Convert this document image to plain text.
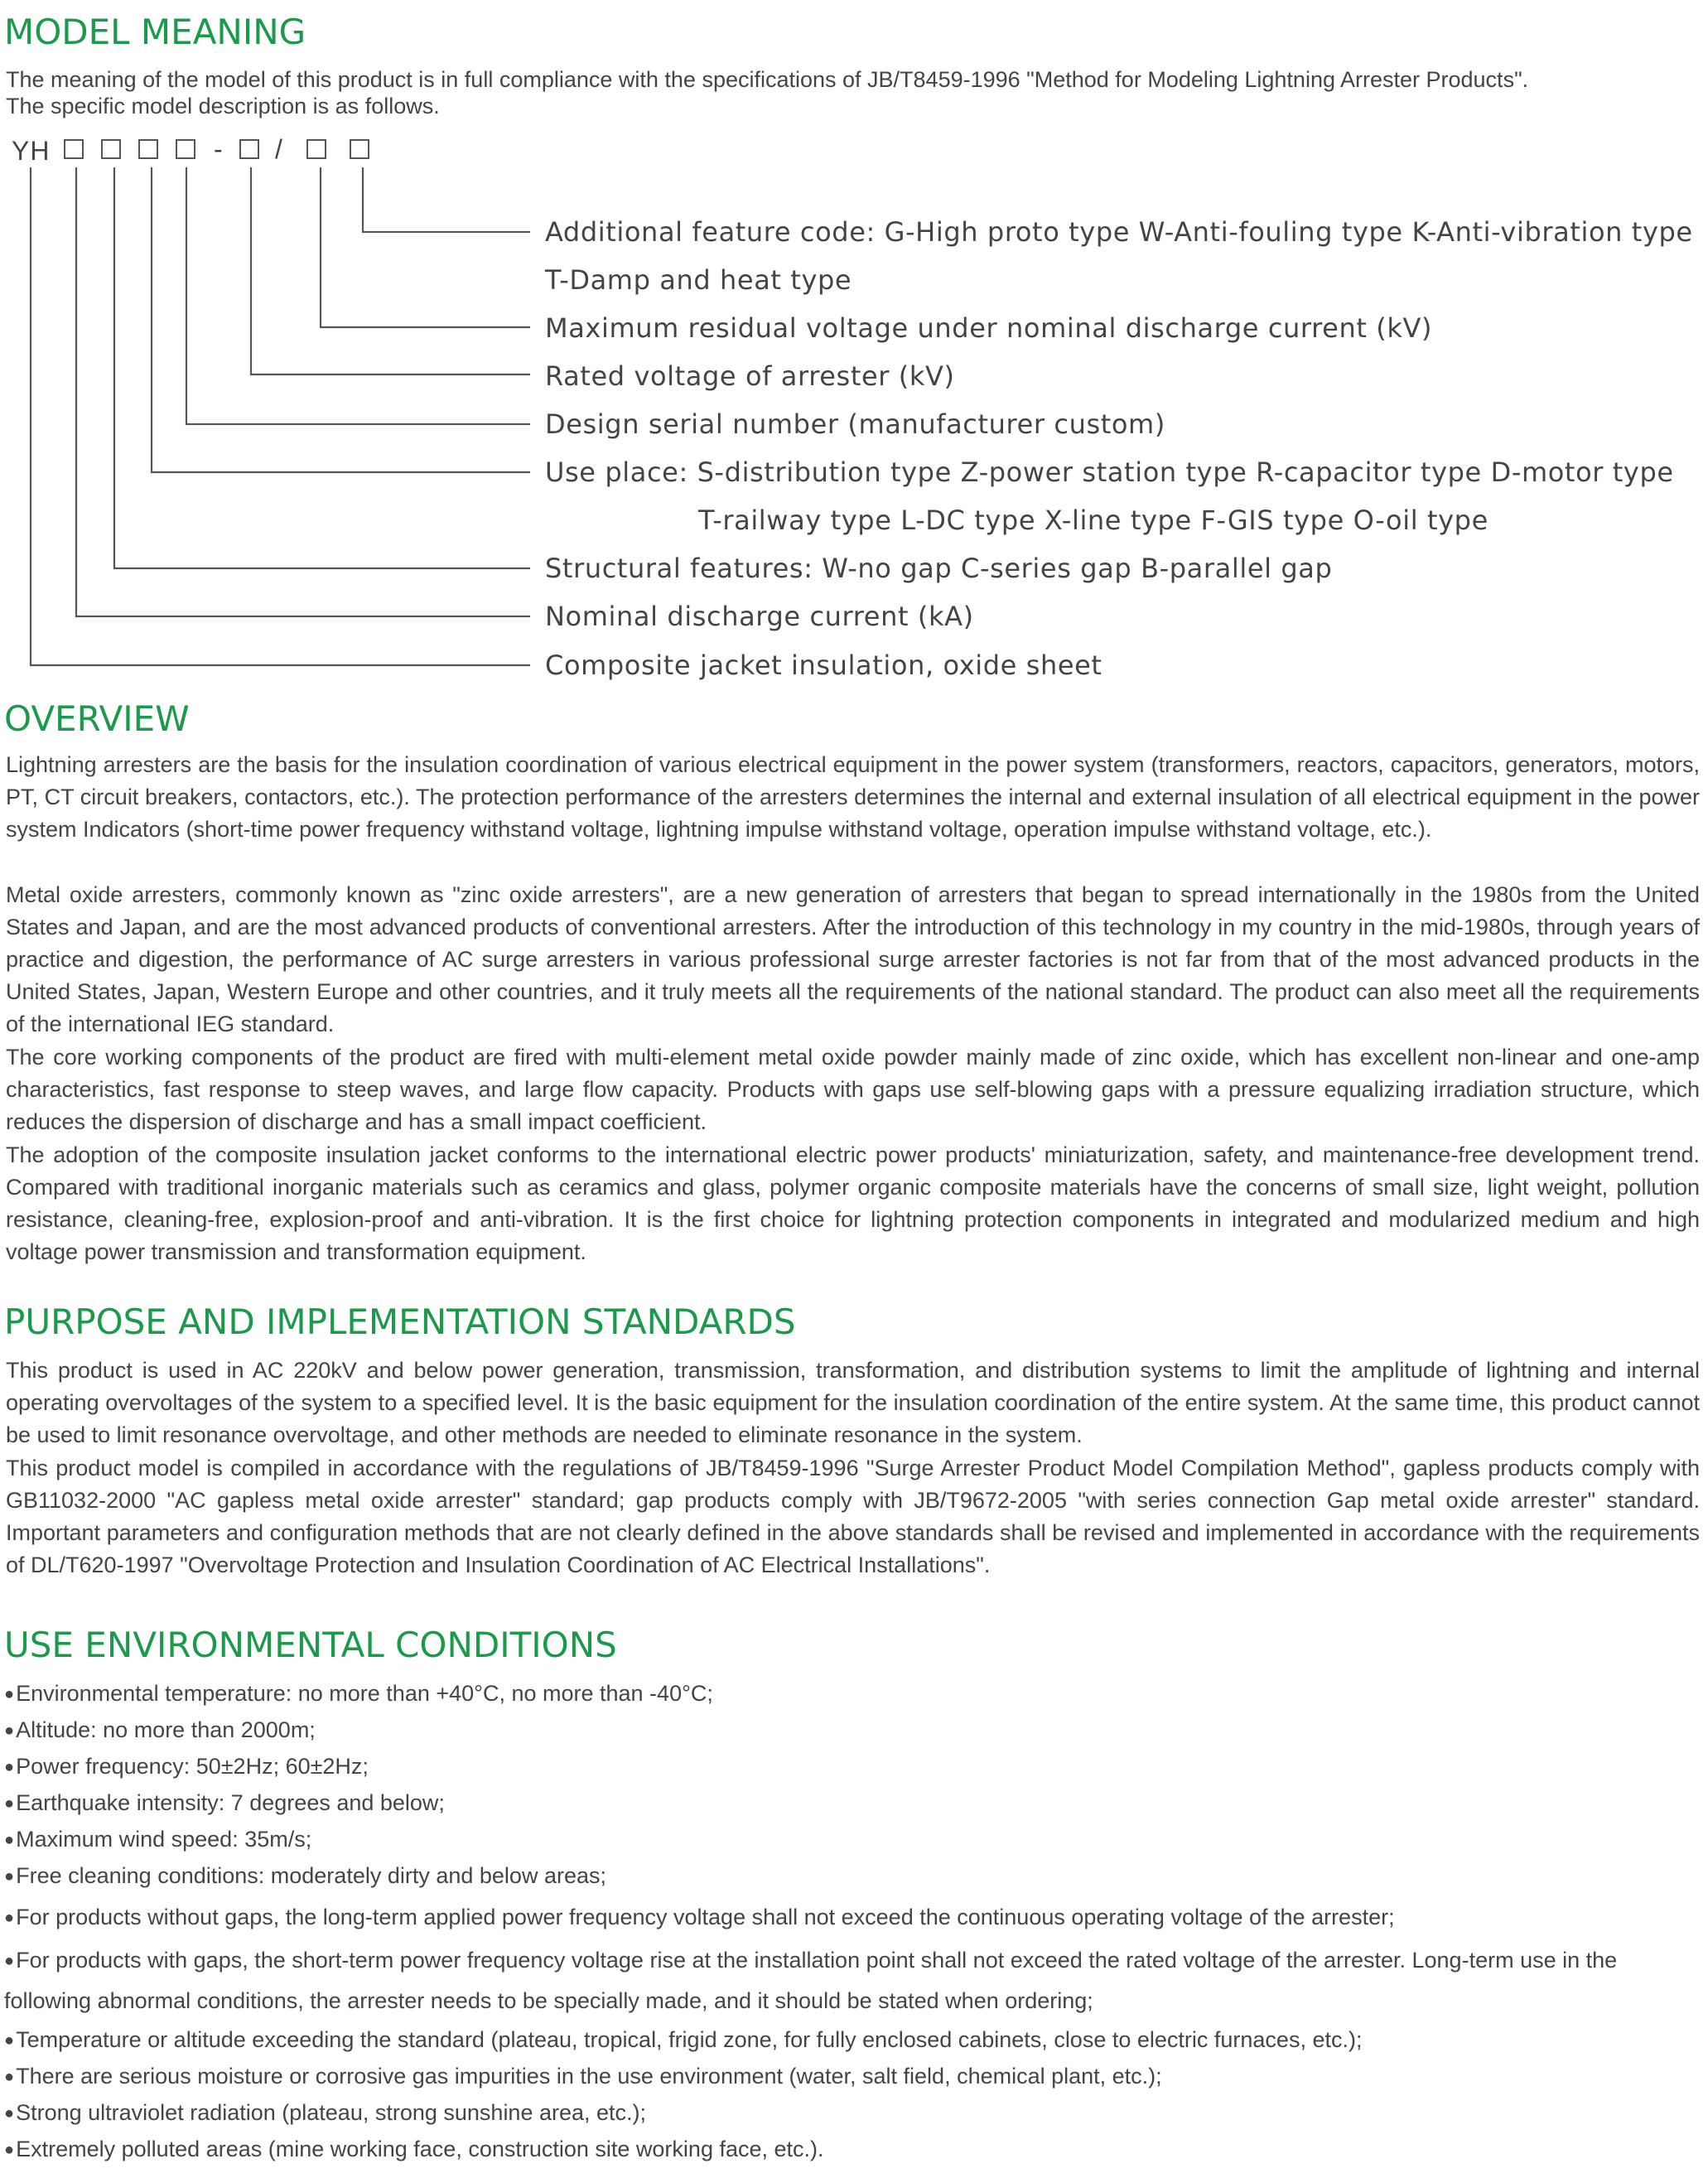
MODEL MEANING
The meaning of the model of this product is in full compliance with the specifications of JB/T8459-1996 "Method for Modeling Lightning Arrester Products".
The specific model description is as follows.
YH	- /

Additional feature code: G-High proto type W-Anti-fouling type K-Anti-vibration type

T-Damp and heat type

Maximum residual voltage under nominal discharge current (kV)

Rated voltage of arrester (kV)

Design serial number (manufacturer custom)

Use place: S-distribution type Z-power station type R-capacitor type D-motor type

T-railway type L-DC type X-line type F-GIS type O-oil type

Structural features: W-no gap C-series gap B-parallel gap

Nominal discharge current (kA)

Composite jacket insulation, oxide sheet

OVERVIEW

Lightning arresters are the basis for the insulation coordination of various electrical equipment in the power system (transformers, reactors, capacitors, generators, motors, PT, CT circuit breakers, contactors, etc.). The protection performance of the arresters determines the internal and external insulation of all electrical equipment in the power system Indicators (short-time power frequency withstand voltage, lightning impulse withstand voltage, operation impulse withstand voltage, etc.).

Metal oxide arresters, commonly known as "zinc oxide arresters", are a new generation of arresters that began to spread internationally in the 1980s from the United States and Japan, and are the most advanced products of conventional arresters. After the introduction of this technology in my country in the mid-1980s, through years of practice and digestion, the performance of AC surge arresters in various professional surge arrester factories is not far from that of the most advanced products in the United States, Japan, Western Europe and other countries, and it truly meets all the requirements of the national standard. The product can also meet all the requirements of the international IEG standard.

The core working components of the product are fired with multi-element metal oxide powder mainly made of zinc oxide, which has excellent non-linear and one-amp characteristics, fast response to steep waves, and large flow capacity. Products with gaps use self-blowing gaps with a pressure equalizing irradiation structure, which reduces the dispersion of discharge and has a small impact coefficient.

The adoption of the composite insulation jacket conforms to the international electric power products' miniaturization, safety, and maintenance-free development trend. Compared with traditional inorganic materials such as ceramics and glass, polymer organic composite materials have the concerns of small size, light weight, pollution resistance, cleaning-free, explosion-proof and anti-vibration. It is the first choice for lightning protection components in integrated and modularized medium and high voltage power transmission and transformation equipment.

PURPOSE AND IMPLEMENTATION STANDARDS

This product is used in AC 220kV and below power generation, transmission, transformation, and distribution systems to limit the amplitude of lightning and internal operating overvoltages of the system to a specified level. It is the basic equipment for the insulation coordination of the entire system. At the same time, this product cannot be used to limit resonance overvoltage, and other methods are needed to eliminate resonance in the system.

This product model is compiled in accordance with the regulations of JB/T8459-1996 "Surge Arrester Product Model Compilation Method", gapless products comply with GB11032-2000 "AC gapless metal oxide arrester" standard; gap products comply with JB/T9672-2005 "with series connection Gap metal oxide arrester" standard. Important parameters and configuration methods that are not clearly defined in the above standards shall be revised and implemented in accordance with the requirements of DL/T620-1997 "Overvoltage Protection and Insulation Coordination of AC Electrical Installations".

USE ENVIRONMENTAL CONDITIONS
●Environmental temperature: no more than +40°C, no more than -40°C;
●Altitude: no more than 2000m;
●Power frequency: 50±2Hz; 60±2Hz;
●Earthquake intensity: 7 degrees and below;
●Maximum wind speed: 35m/s;
●Free cleaning conditions: moderately dirty and below areas;
●For products without gaps, the long-term applied power frequency voltage shall not exceed the continuous operating voltage of the arrester;
●For products with gaps, the short-term power frequency voltage rise at the installation point shall not exceed the rated voltage of the arrester. Long-term use in the following abnormal conditions, the arrester needs to be specially made, and it should be stated when ordering;
●Temperature or altitude exceeding the standard (plateau, tropical, frigid zone, for fully enclosed cabinets, close to electric furnaces, etc.);
●There are serious moisture or corrosive gas impurities in the use environment (water, salt field, chemical plant, etc.);
●Strong ultraviolet radiation (plateau, strong sunshine area, etc.);
●Extremely polluted areas (mine working face, construction site working face, etc.).
